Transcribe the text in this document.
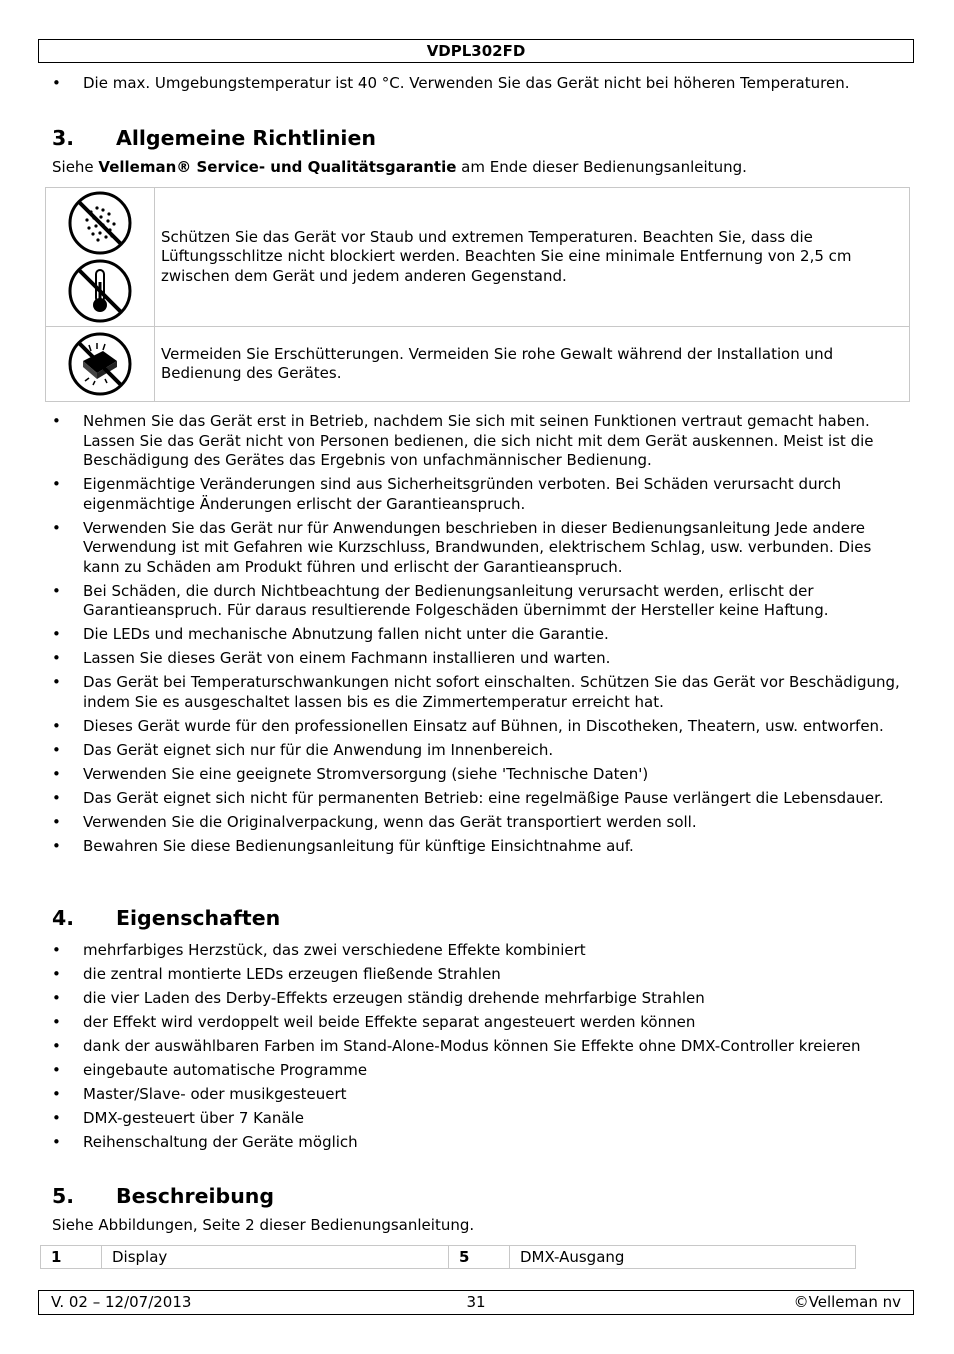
VDPL302FD
• Die max. Umgebungstemperatur ist 40 °C. Verwenden Sie das Gerät nicht bei höheren Temperaturen.
3. Allgemeine Richtlinien
Siehe Velleman® Service- und Qualitätsgarantie am Ende dieser Bedienungsanleitung.
	Schützen Sie das Gerät vor Staub und extremen Temperaturen. Beachten Sie, dass die Lüftungsschlitze nicht blockiert werden. Beachten Sie eine minimale Entfernung von 2,5 cm zwischen dem Gerät und jedem anderen Gegenstand.

	Vermeiden Sie Erschütterungen. Vermeiden Sie rohe Gewalt während der Installation und Bedienung des Gerätes.
• Nehmen Sie das Gerät erst in Betrieb, nachdem Sie sich mit seinen Funktionen vertraut gemacht haben. Lassen Sie das Gerät nicht von Personen bedienen, die sich nicht mit dem Gerät auskennen. Meist ist die Beschädigung des Gerätes das Ergebnis von unfachmännischer Bedienung.
• Eigenmächtige Veränderungen sind aus Sicherheitsgründen verboten. Bei Schäden verursacht durch eigenmächtige Änderungen erlischt der Garantieanspruch.
• Verwenden Sie das Gerät nur für Anwendungen beschrieben in dieser Bedienungsanleitung Jede andere Verwendung ist mit Gefahren wie Kurzschluss, Brandwunden, elektrischem Schlag, usw. verbunden. Dies kann zu Schäden am Produkt führen und erlischt der Garantieanspruch.
• Bei Schäden, die durch Nichtbeachtung der Bedienungsanleitung verursacht werden, erlischt der Garantieanspruch. Für daraus resultierende Folgeschäden übernimmt der Hersteller keine Haftung.
• Die LEDs und mechanische Abnutzung fallen nicht unter die Garantie.
• Lassen Sie dieses Gerät von einem Fachmann installieren und warten.
• Das Gerät bei Temperaturschwankungen nicht sofort einschalten. Schützen Sie das Gerät vor Beschädigung, indem Sie es ausgeschaltet lassen bis es die Zimmertemperatur erreicht hat.
• Dieses Gerät wurde für den professionellen Einsatz auf Bühnen, in Discotheken, Theatern, usw. entworfen.
• Das Gerät eignet sich nur für die Anwendung im Innenbereich.
• Verwenden Sie eine geeignete Stromversorgung (siehe 'Technische Daten')
• Das Gerät eignet sich nicht für permanenten Betrieb: eine regelmäßige Pause verlängert die Lebensdauer.
• Verwenden Sie die Originalverpackung, wenn das Gerät transportiert werden soll.
• Bewahren Sie diese Bedienungsanleitung für künftige Einsichtnahme auf.
4. Eigenschaften
• mehrfarbiges Herzstück, das zwei verschiedene Effekte kombiniert
• die zentral montierte LEDs erzeugen fließende Strahlen
• die vier Laden des Derby-Effekts erzeugen ständig drehende mehrfarbige Strahlen
• der Effekt wird verdoppelt weil beide Effekte separat angesteuert werden können
• dank der auswählbaren Farben im Stand-Alone-Modus können Sie Effekte ohne DMX-Controller kreieren
• eingebaute automatische Programme
• Master/Slave- oder musikgesteuert
• DMX-gesteuert über 7 Kanäle
• Reihenschaltung der Geräte möglich
5. Beschreibung
Siehe Abbildungen, Seite 2 dieser Bedienungsanleitung.
1	Display	5	DMX-Ausgang
V. 02 – 12/07/2013	31	©Velleman nv
